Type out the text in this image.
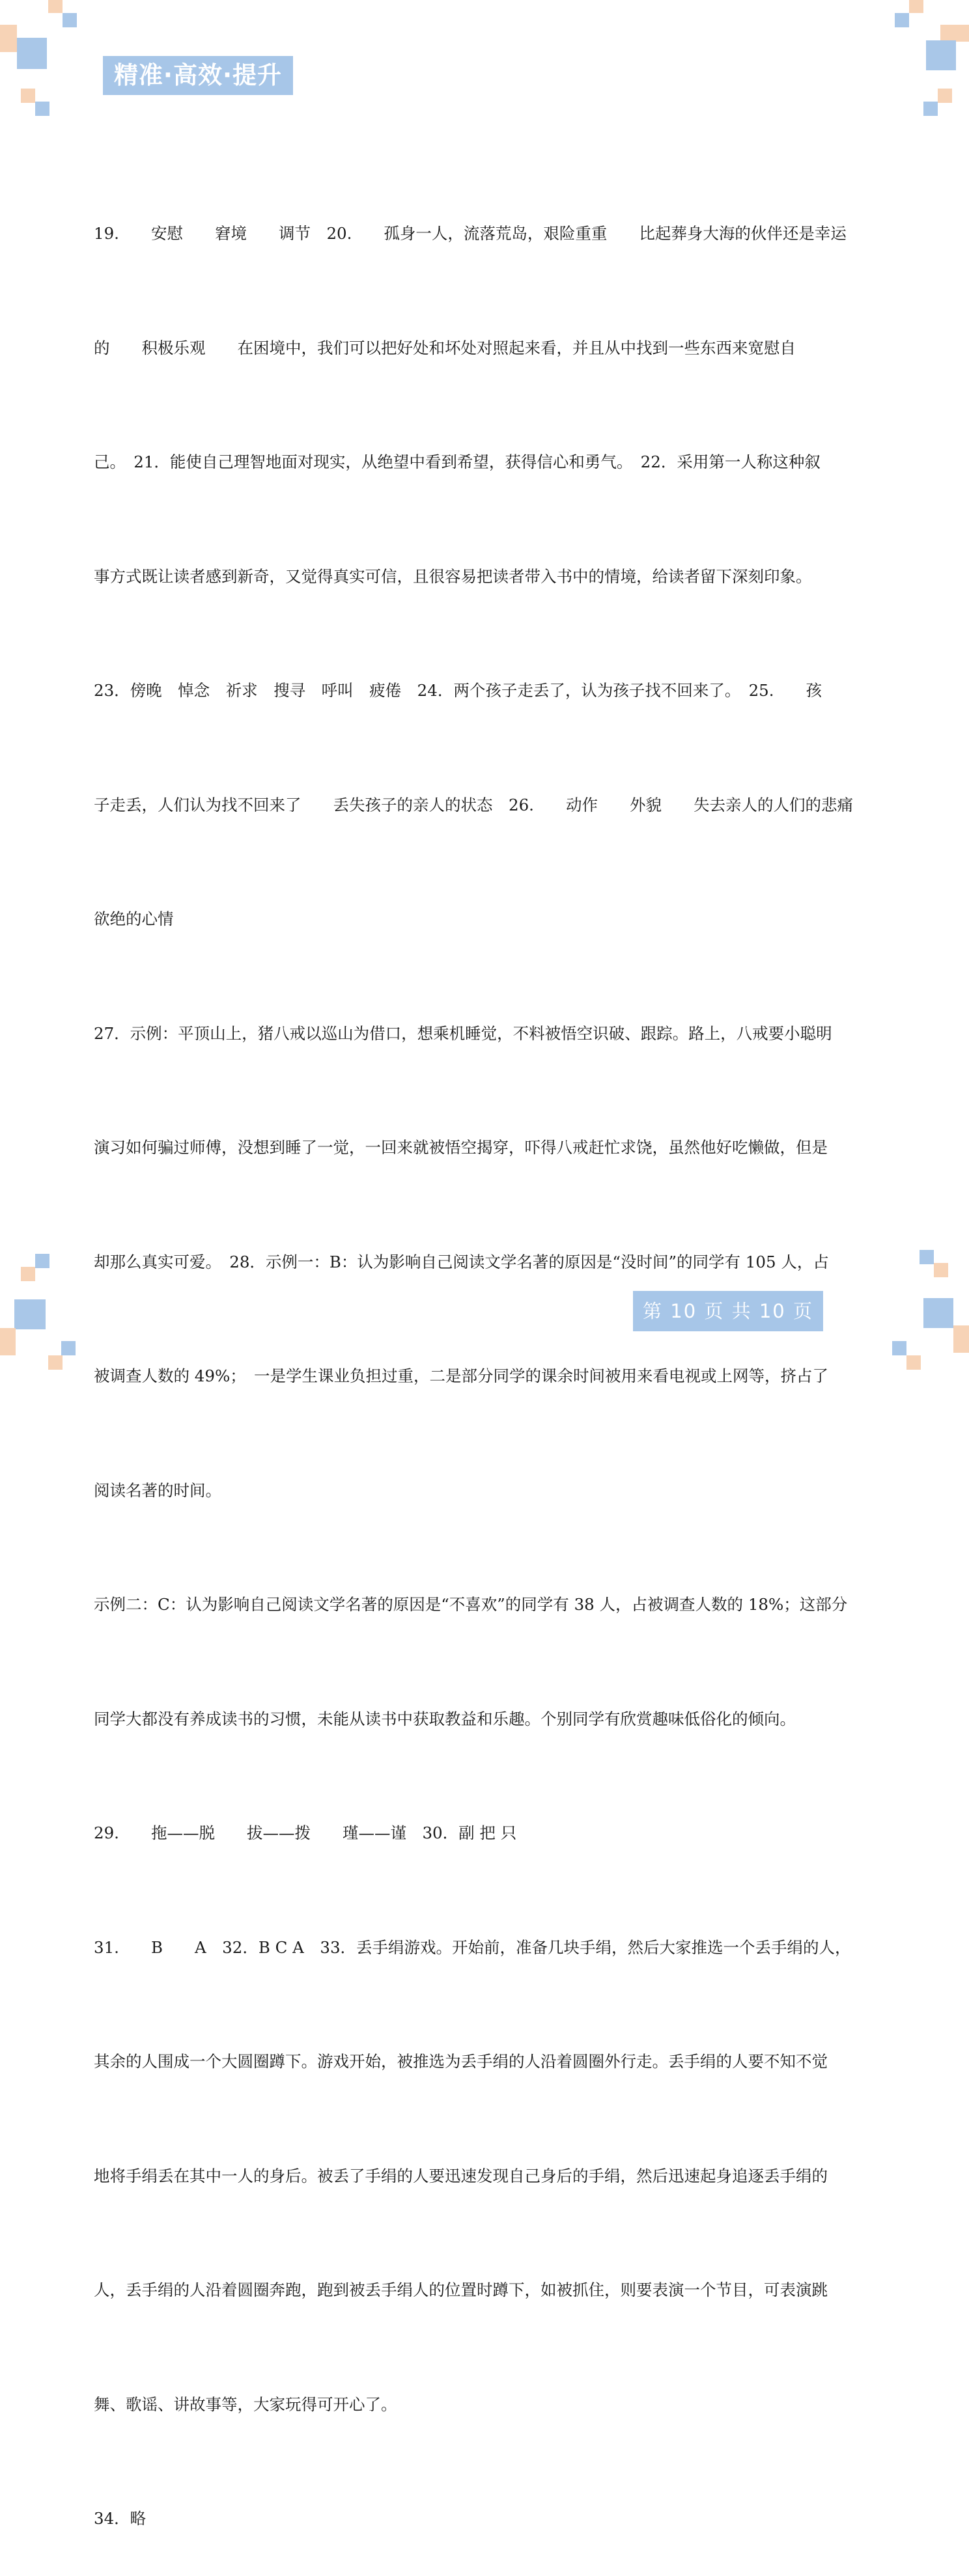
精准·高效·提升

19.　　安慰　　窘境　　调节　20.　　孤身一人，流落荒岛，艰险重重　　比起葬身大海的伙伴还是幸运

的　　积极乐观　　在困境中，我们可以把好处和坏处对照起来看，并且从中找到一些东西来宽慰自

己。　21．能使自己理智地面对现实，从绝望中看到希望，获得信心和勇气。　22．采用第一人称这种叙

事方式既让读者感到新奇，又觉得真实可信，且很容易把读者带入书中的情境，给读者留下深刻印象。

23．傍晚　悼念　祈求　搜寻　呼叫　疲倦　24．两个孩子走丢了，认为孩子找不回来了。　25.　　孩

子走丢，人们认为找不回来了　　丢失孩子的亲人的状态　26.　　动作　　外貌　　失去亲人的人们的悲痛

欲绝的心情

27．示例：平顶山上，猪八戒以巡山为借口，想乘机睡觉，不料被悟空识破、跟踪。路上，八戒要小聪明

演习如何骗过师傅，没想到睡了一觉，一回来就被悟空揭穿，吓得八戒赶忙求饶，虽然他好吃懒做，但是

却那么真实可爱。　28．示例一：B：认为影响自己阅读文学名著的原因是“没时间”的同学有 105 人，占

被调查人数的 49%；　一是学生课业负担过重，二是部分同学的课余时间被用来看电视或上网等，挤占了

阅读名著的时间。

示例二：C：认为影响自己阅读文学名著的原因是“不喜欢”的同学有 38 人，占被调查人数的 18%；这部分

同学大都没有养成读书的习惯，未能从读书中获取教益和乐趣。个别同学有欣赏趣味低俗化的倾向。

29.　　拖——脱　　拔——拨　　瑾——谨　30．副 把 只

31.　　B　　A　32．B C A　33．丢手绢游戏。开始前，准备几块手绢，然后大家推选一个丢手绢的人，

其余的人围成一个大圆圈蹲下。游戏开始，被推选为丢手绢的人沿着圆圈外行走。丢手绢的人要不知不觉

地将手绢丢在其中一人的身后。被丢了手绢的人要迅速发现自己身后的手绢，然后迅速起身追逐丢手绢的

人，丢手绢的人沿着圆圈奔跑，跑到被丢手绢人的位置时蹲下，如被抓住，则要表演一个节目，可表演跳

舞、歌谣、讲故事等，大家玩得可开心了。

34．略

第 10 页 共 10 页
